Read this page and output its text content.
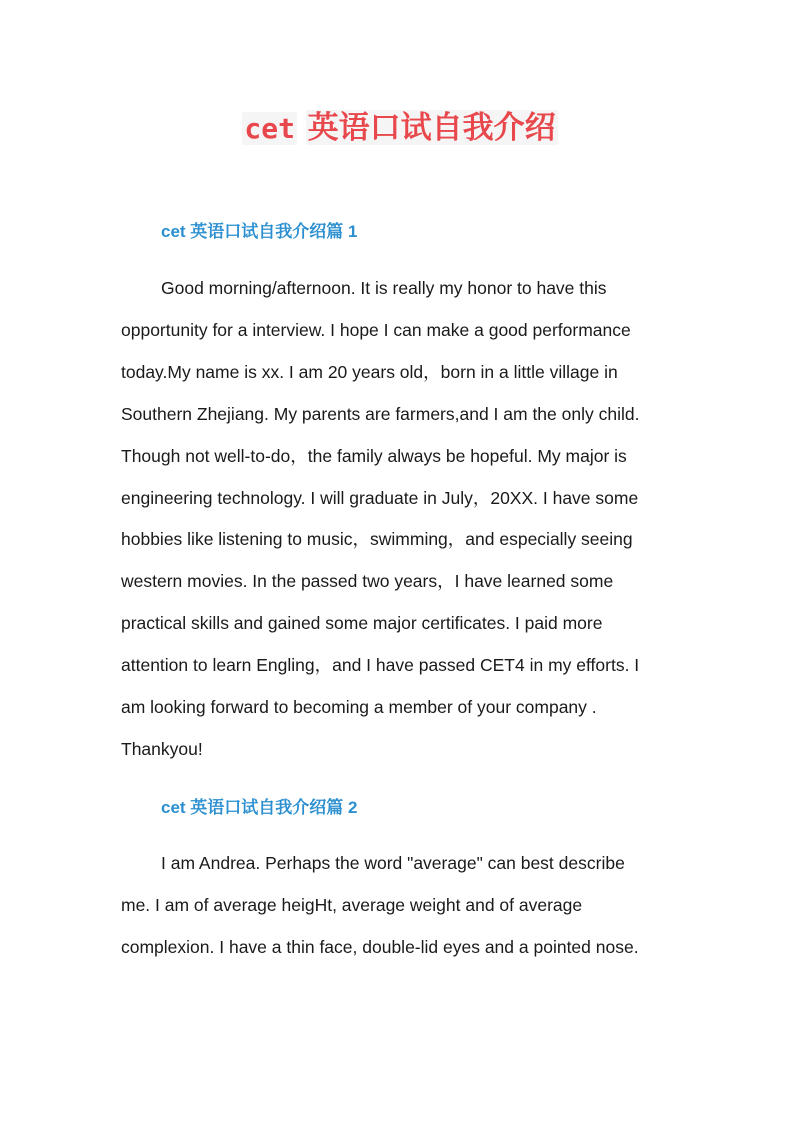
cet 英语口试自我介绍
cet 英语口试自我介绍篇 1
Good morning/afternoon. It is really my honor to have this
opportunity for a interview. I hope I can make a good performance
today.My name is xx. I am 20 years old，born in a little village in
Southern Zhejiang. My parents are farmers,and I am the only child.
Though not well-to-do，the family always be hopeful. My major is
engineering technology. I will graduate in July，20XX. I have some
hobbies like listening to music，swimming，and especially seeing
western movies. In the passed two years，I have learned some
practical skills and gained some major certificates. I paid more
attention to learn Engling，and I have passed CET4 in my efforts. I
am looking forward to becoming a member of your company .
Thankyou!
cet 英语口试自我介绍篇 2
I am Andrea. Perhaps the word "average" can best describe
me. I am of average heigHt, average weight and of average
complexion. I have a thin face, double-lid eyes and a pointed nose.
